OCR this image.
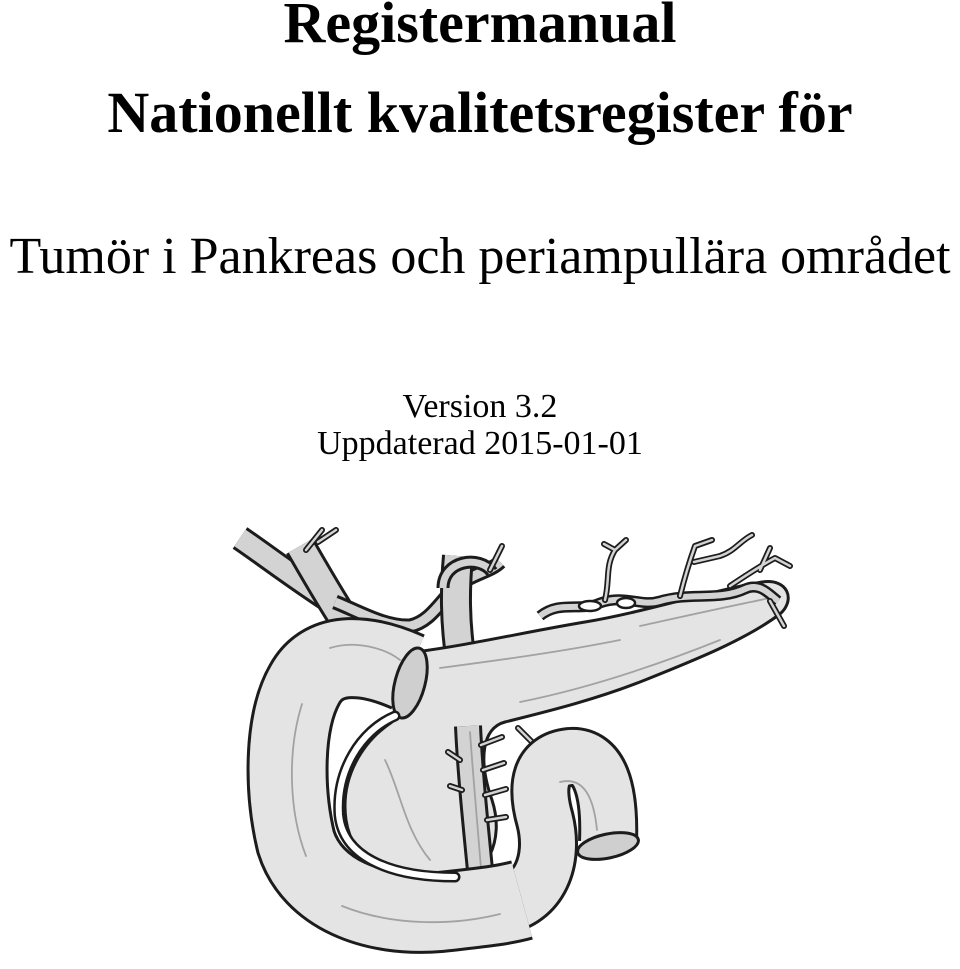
Registermanual
Nationellt kvalitetsregister för
Tumör i Pankreas och periampullära området
Version 3.2
Uppdaterad 2015-01-01
